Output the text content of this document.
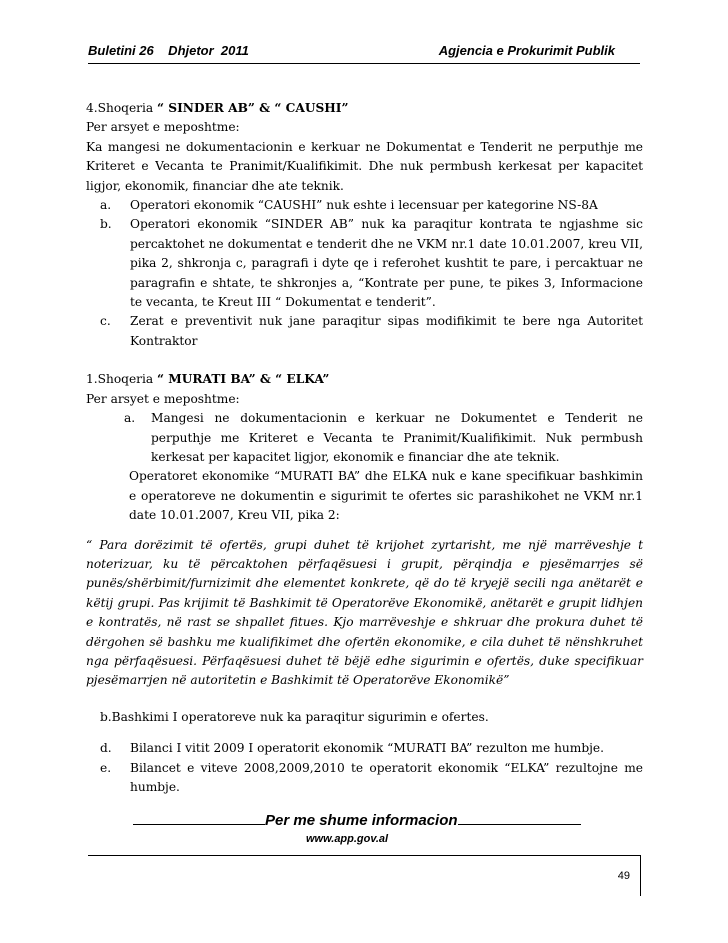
Buletini 26    Dhjetor  2011	Agjencia e Prokurimit Publik

4.Shoqeria “ SINDER AB” & “ CAUSHI”

Per arsyet e meposhtme:

Ka mangesi ne dokumentacionin e kerkuar ne Dokumentat e Tenderit ne perputhje me Kriteret e Vecanta te Pranimit/Kualifikimit. Dhe nuk permbush kerkesat per kapacitet ligjor, ekonomik, financiar dhe ate teknik.

a.	Operatori ekonomik “CAUSHI” nuk eshte i lecensuar per kategorine NS-8A
b.	Operatori ekonomik “SINDER AB” nuk ka paraqitur kontrata te ngjashme sic percaktohet ne dokumentat e tenderit dhe ne VKM nr.1 date 10.01.2007, kreu VII, pika 2, shkronja c, paragrafi i dyte qe i referohet kushtit te pare, i percaktuar ne paragrafin e shtate, te shkronjes a, “Kontrate per pune, te pikes 3, Informacione te vecanta, te Kreut III “ Dokumentat e tenderit”.
c.	Zerat e preventivit nuk jane paraqitur sipas modifikimit te bere nga Autoritet Kontraktor

1.Shoqeria “ MURATI BA” & “ ELKA”

Per arsyet e meposhtme:

a.	Mangesi ne dokumentacionin e kerkuar ne Dokumentet e Tenderit ne perputhje me Kriteret e Vecanta te Pranimit/Kualifikimit. Nuk permbush kerkesat per kapacitet ligjor, ekonomik e financiar dhe ate teknik.

Operatoret ekonomike “MURATI BA” dhe ELKA nuk e kane specifikuar bashkimin e operatoreve ne dokumentin e sigurimit te ofertes sic parashikohet ne VKM nr.1 date 10.01.2007, Kreu VII, pika 2:

“ Para dorëzimit të ofertës, grupi duhet të krijohet zyrtarisht, me një marrëveshje t noterizuar, ku të përcaktohen përfaqësuesi i grupit, përqindja e pjesëmarrjes së punës/shërbimit/furnizimit dhe elementet konkrete, që do të kryejë secili nga anëtarët e këtij grupi. Pas krijimit të Bashkimit të Operatorëve Ekonomikë, anëtarët e grupit lidhjen e kontratës, në rast se shpallet fitues. Kjo marrëveshje e shkruar dhe prokura duhet të dërgohen së bashku me kualifikimet dhe ofertën ekonomike, e cila duhet të nënshkruhet nga përfaqësuesi. Përfaqësuesi duhet të bëjë edhe sigurimin e ofertës, duke specifikuar pjesëmarrjen në autoritetin e Bashkimit të Operatorëve Ekonomikë”

b.Bashkimi I operatoreve nuk ka paraqitur sigurimin e ofertes.

d.	Bilanci I vitit 2009 I operatorit ekonomik “MURATI BA” rezulton me humbje.
e.	Bilancet e viteve 2008,2009,2010 te operatorit ekonomik “ELKA” rezultojne me humbje.
Per me shume informacion
www.app.gov.al
49
